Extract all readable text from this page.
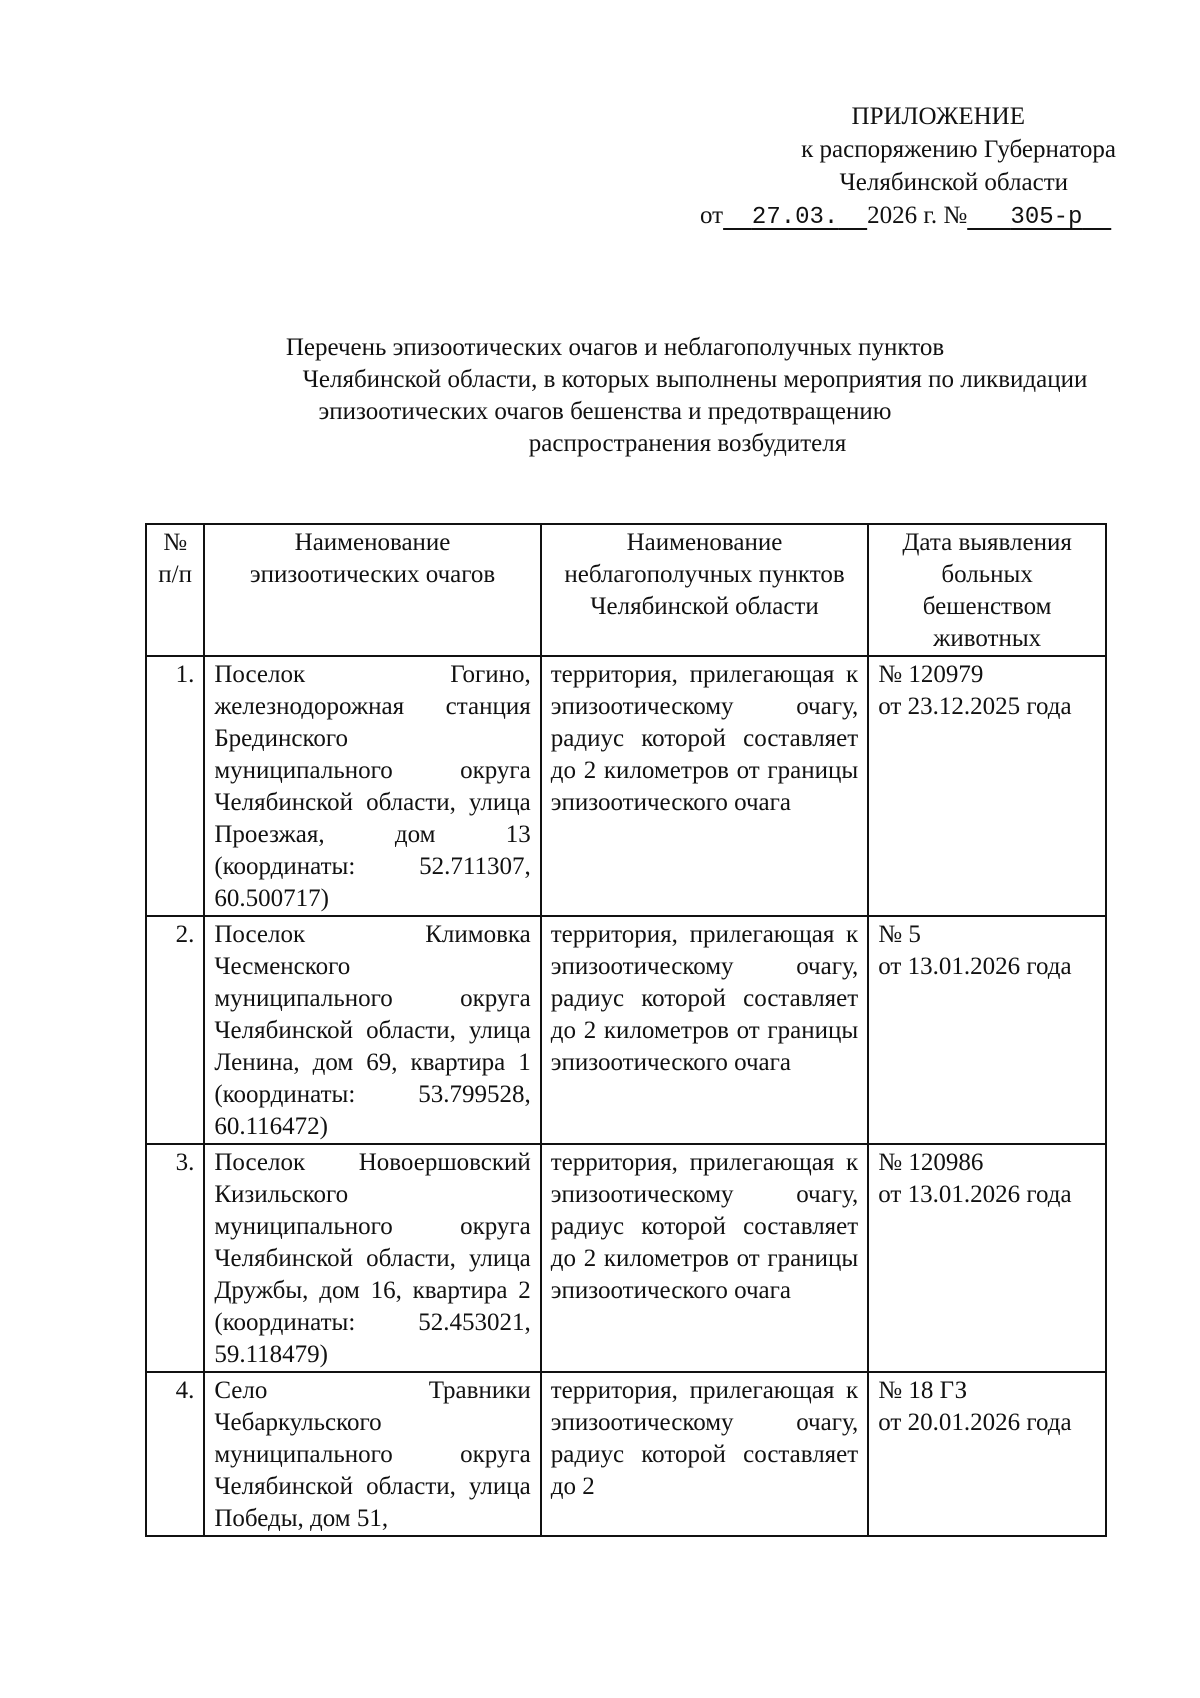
ПРИЛОЖЕНИЕ
к распоряжению Губернатора
Челябинской области
от 27.03. 2026 г. № 305-р
Перечень эпизоотических очагов и неблагополучных пунктов
Челябинской области, в которых выполнены мероприятия по ликвидации
эпизоотических очагов бешенства и предотвращению
распространения возбудителя
№ п/п	Наименование эпизоотических очагов	Наименование неблагополучных пунктов Челябинской области	Дата выявления больных бешенством животных
1.	Поселок Гогино, железнодорожная станция Брединского муниципального округа Челябинской области, улица Проезжая, дом 13 (координаты: 52.711307, 60.500717)	территория, прилегающая к эпизоотическому очагу, радиус которой составляет до 2 километров от границы эпизоотического очага	№ 120979
от 23.12.2025 года

2.	Поселок Климовка Чесменского муниципального округа Челябинской области, улица Ленина, дом 69, квартира 1 (координаты: 53.799528, 60.116472)	территория, прилегающая к эпизоотическому очагу, радиус которой составляет до 2 километров от границы эпизоотического очага	№ 5
от 13.01.2026 года

3.	Поселок Новоершовский Кизильского муниципального округа Челябинской области, улица Дружбы, дом 16, квартира 2 (координаты: 52.453021, 59.118479)	территория, прилегающая к эпизоотическому очагу, радиус которой составляет до 2 километров от границы эпизоотического очага	№ 120986
от 13.01.2026 года

4.	Село Травники Чебаркульского муниципального округа Челябинской области, улица Победы, дом 51,	территория, прилегающая к эпизоотическому очагу, радиус которой составляет до 2	№ 18 ГЗ
от 20.01.2026 года
